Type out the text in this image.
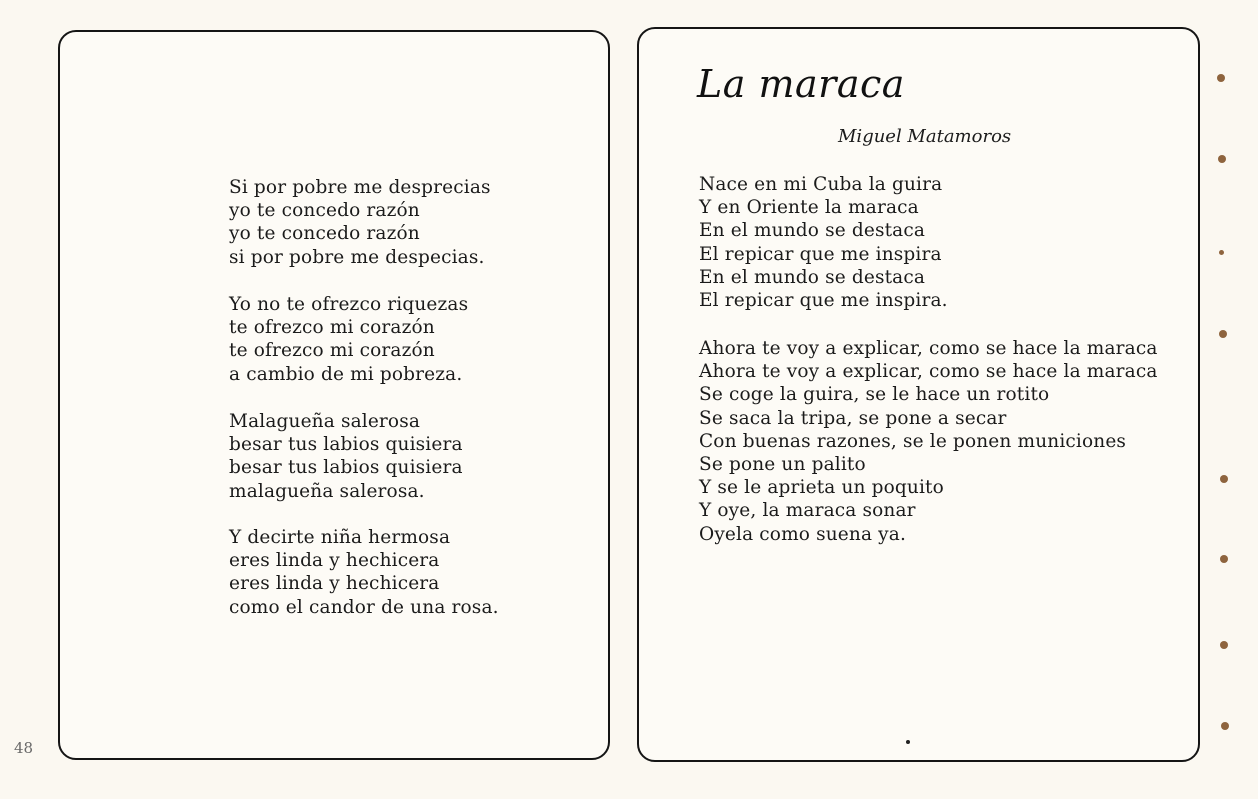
Si por pobre me desprecias
yo te concedo razón
yo te concedo razón
si por pobre me despecias.
Yo no te ofrezco riquezas
te ofrezco mi corazón
te ofrezco mi corazón
a cambio de mi pobreza.
Malagueña salerosa
besar tus labios quisiera
besar tus labios quisiera
malagueña salerosa.
Y decirte niña hermosa
eres linda y hechicera
eres linda y hechicera
como el candor de una rosa.
48
La maraca
Miguel Matamoros
Nace en mi Cuba la guira
Y en Oriente la maraca
En el mundo se destaca
El repicar que me inspira
En el mundo se destaca
El repicar que me inspira.
Ahora te voy a explicar, como se hace la maraca
Ahora te voy a explicar, como se hace la maraca
Se coge la guira, se le hace un rotito
Se saca la tripa, se pone a secar
Con buenas razones, se le ponen municiones
Se pone un palito
Y se le aprieta un poquito
Y oye, la maraca sonar
Oyela como suena ya.
